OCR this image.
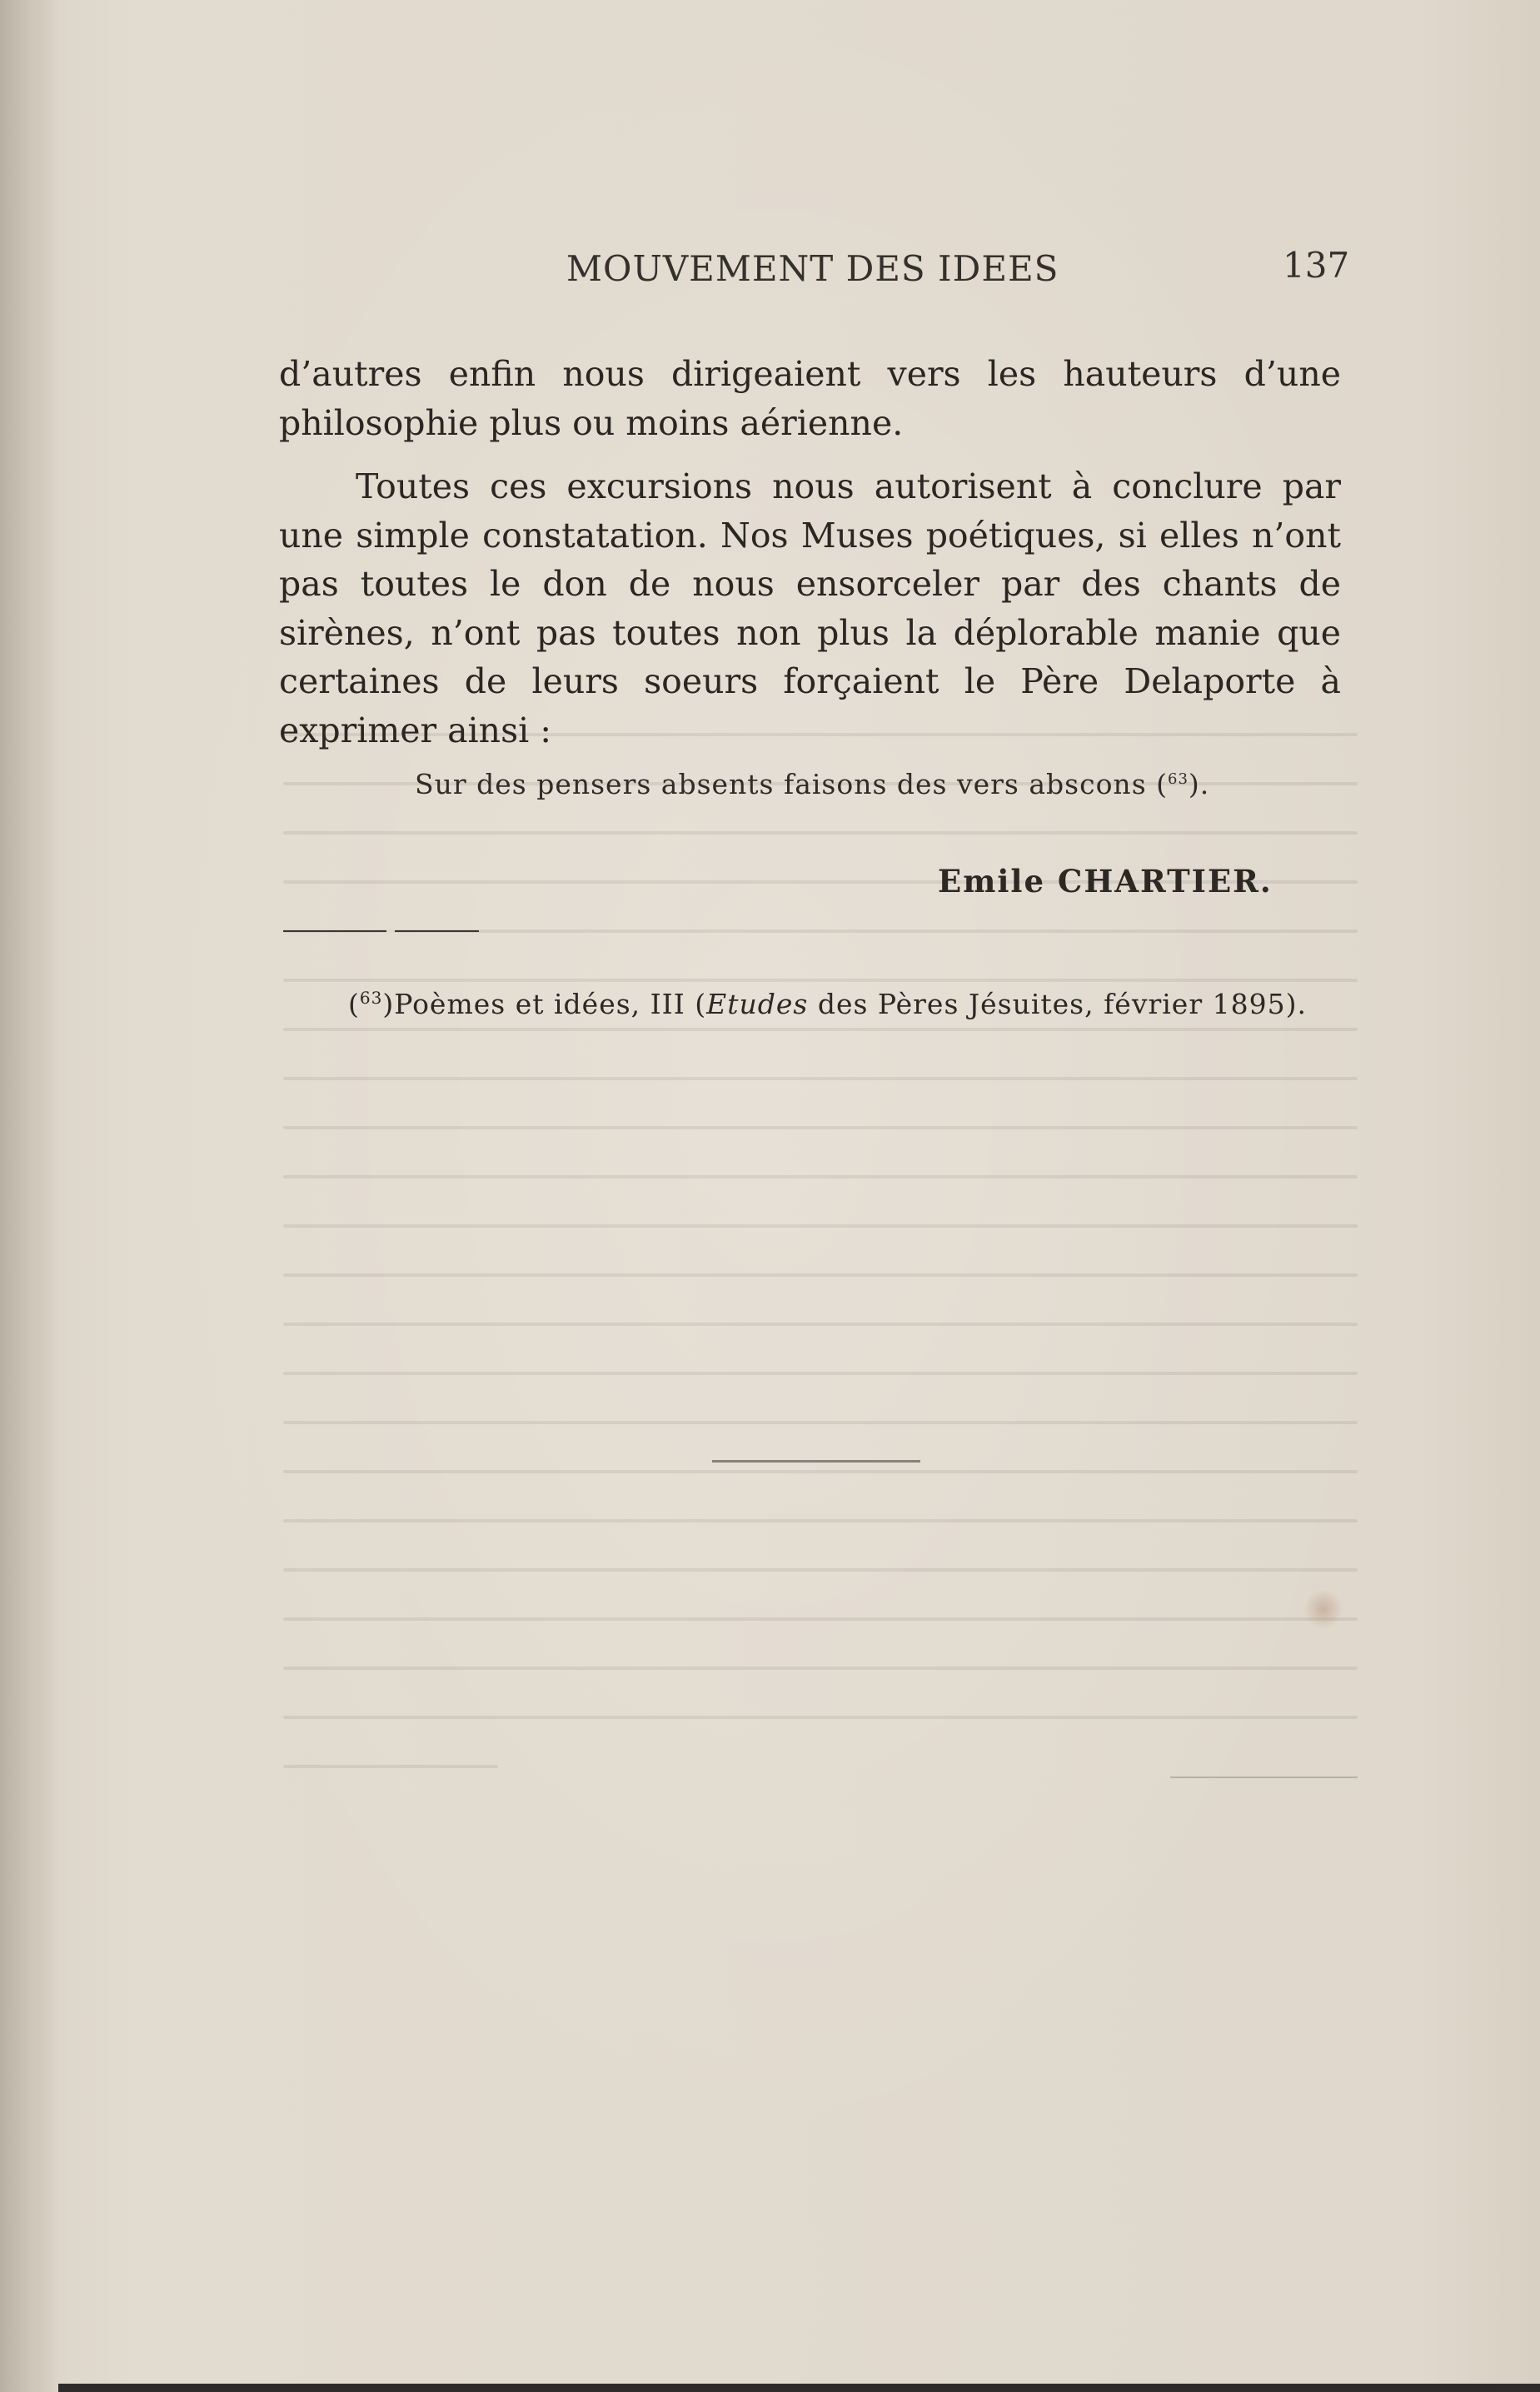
MOUVEMENT DES IDEES	137

d’autres enfin nous dirigeaient vers les hauteurs d’une philosophie plus ou moins aérienne.

Toutes ces excursions nous autorisent à conclure par une simple constatation. Nos Muses poétiques, si elles n’ont pas toutes le don de nous ensorceler par des chants de sirènes, n’ont pas toutes non plus la déplorable manie que certaines de leurs soeurs forçaient le Père Delaporte à exprimer ainsi :

Sur des pensers absents faisons des vers abscons ($^{63}$).
Emile CHARTIER.
($^{63}$)Poèmes et idées, III (Etudes des Pères Jésuites, février 1895).
